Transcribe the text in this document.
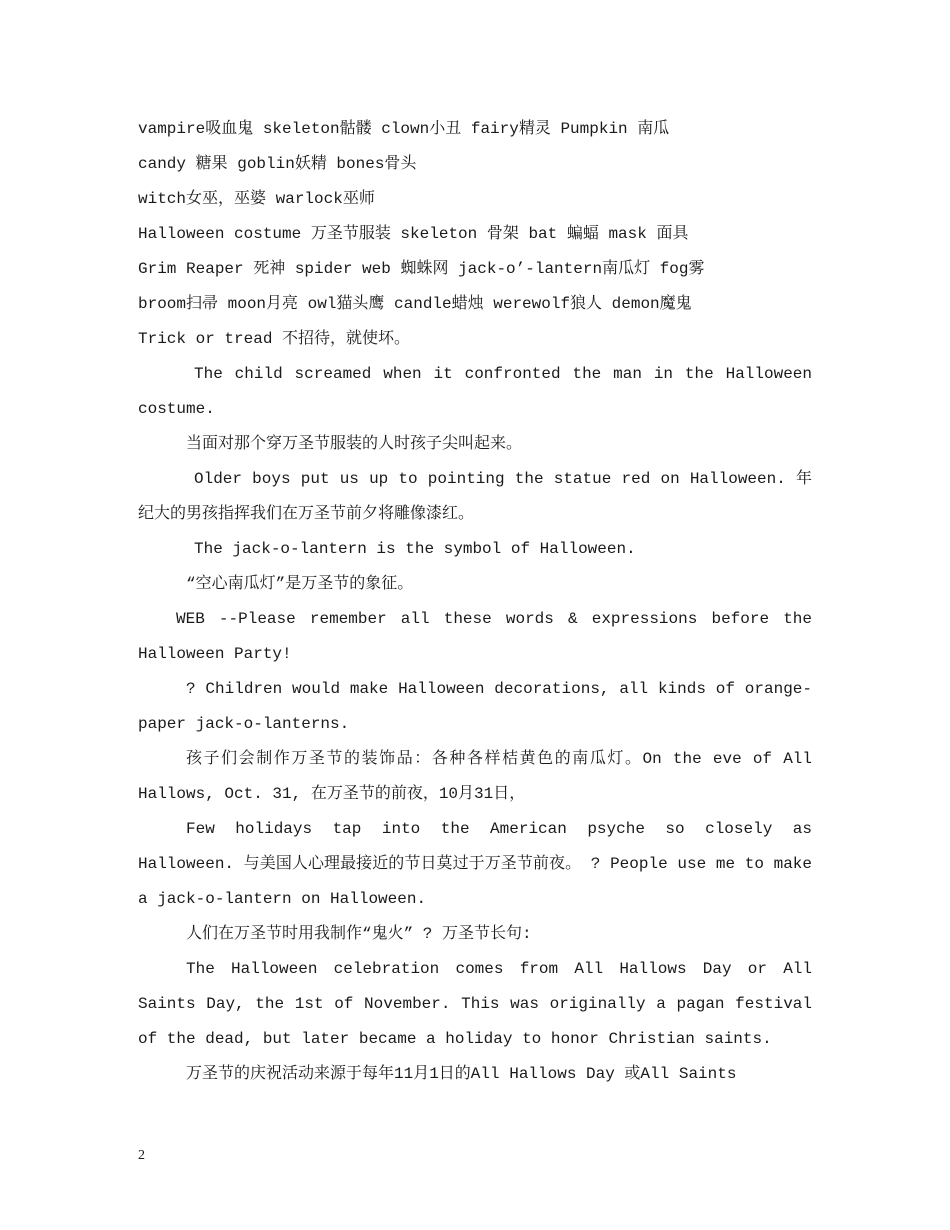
vampire吸血鬼 skeleton骷髅 clown小丑 fairy精灵 Pumpkin 南瓜

candy 糖果 goblin妖精 bones骨头

witch女巫，巫婆 warlock巫师

Halloween costume 万圣节服装 skeleton 骨架 bat 蝙蝠 mask 面具

Grim Reaper 死神 spider web 蜘蛛网 jack-o’-lantern南瓜灯 fog雾

broom扫帚 moon月亮 owl猫头鹰 candle蜡烛 werewolf狼人 demon魔鬼

Trick or tread 不招待，就使坏。

The child screamed when it confronted the man in the Halloween costume.

当面对那个穿万圣节服装的人时孩子尖叫起来。

Older boys put us up to pointing the statue red on Halloween. 年纪大的男孩指挥我们在万圣节前夕将雕像漆红。

The jack-o-lantern is the symbol of Halloween.

“空心南瓜灯”是万圣节的象征。

WEB --Please remember all these words & expressions before the Halloween Party!

? Children would make Halloween decorations, all kinds of orange-paper jack-o-lanterns.

孩子们会制作万圣节的装饰品：各种各样桔黄色的南瓜灯。On the eve of All Hallows, Oct. 31, 在万圣节的前夜，10月31日，

Few holidays tap into the American psyche so closely as Halloween. 与美国人心理最接近的节日莫过于万圣节前夜。 ? People use me to make a jack-o-lantern on Halloween.

人们在万圣节时用我制作“鬼火” ? 万圣节长句:

The Halloween celebration comes from All Hallows Day or All Saints Day, the 1st of November. This was originally a pagan festival of the dead, but later became a holiday to honor Christian saints.

万圣节的庆祝活动来源于每年11月1日的All Hallows Day 或All Saints

2
